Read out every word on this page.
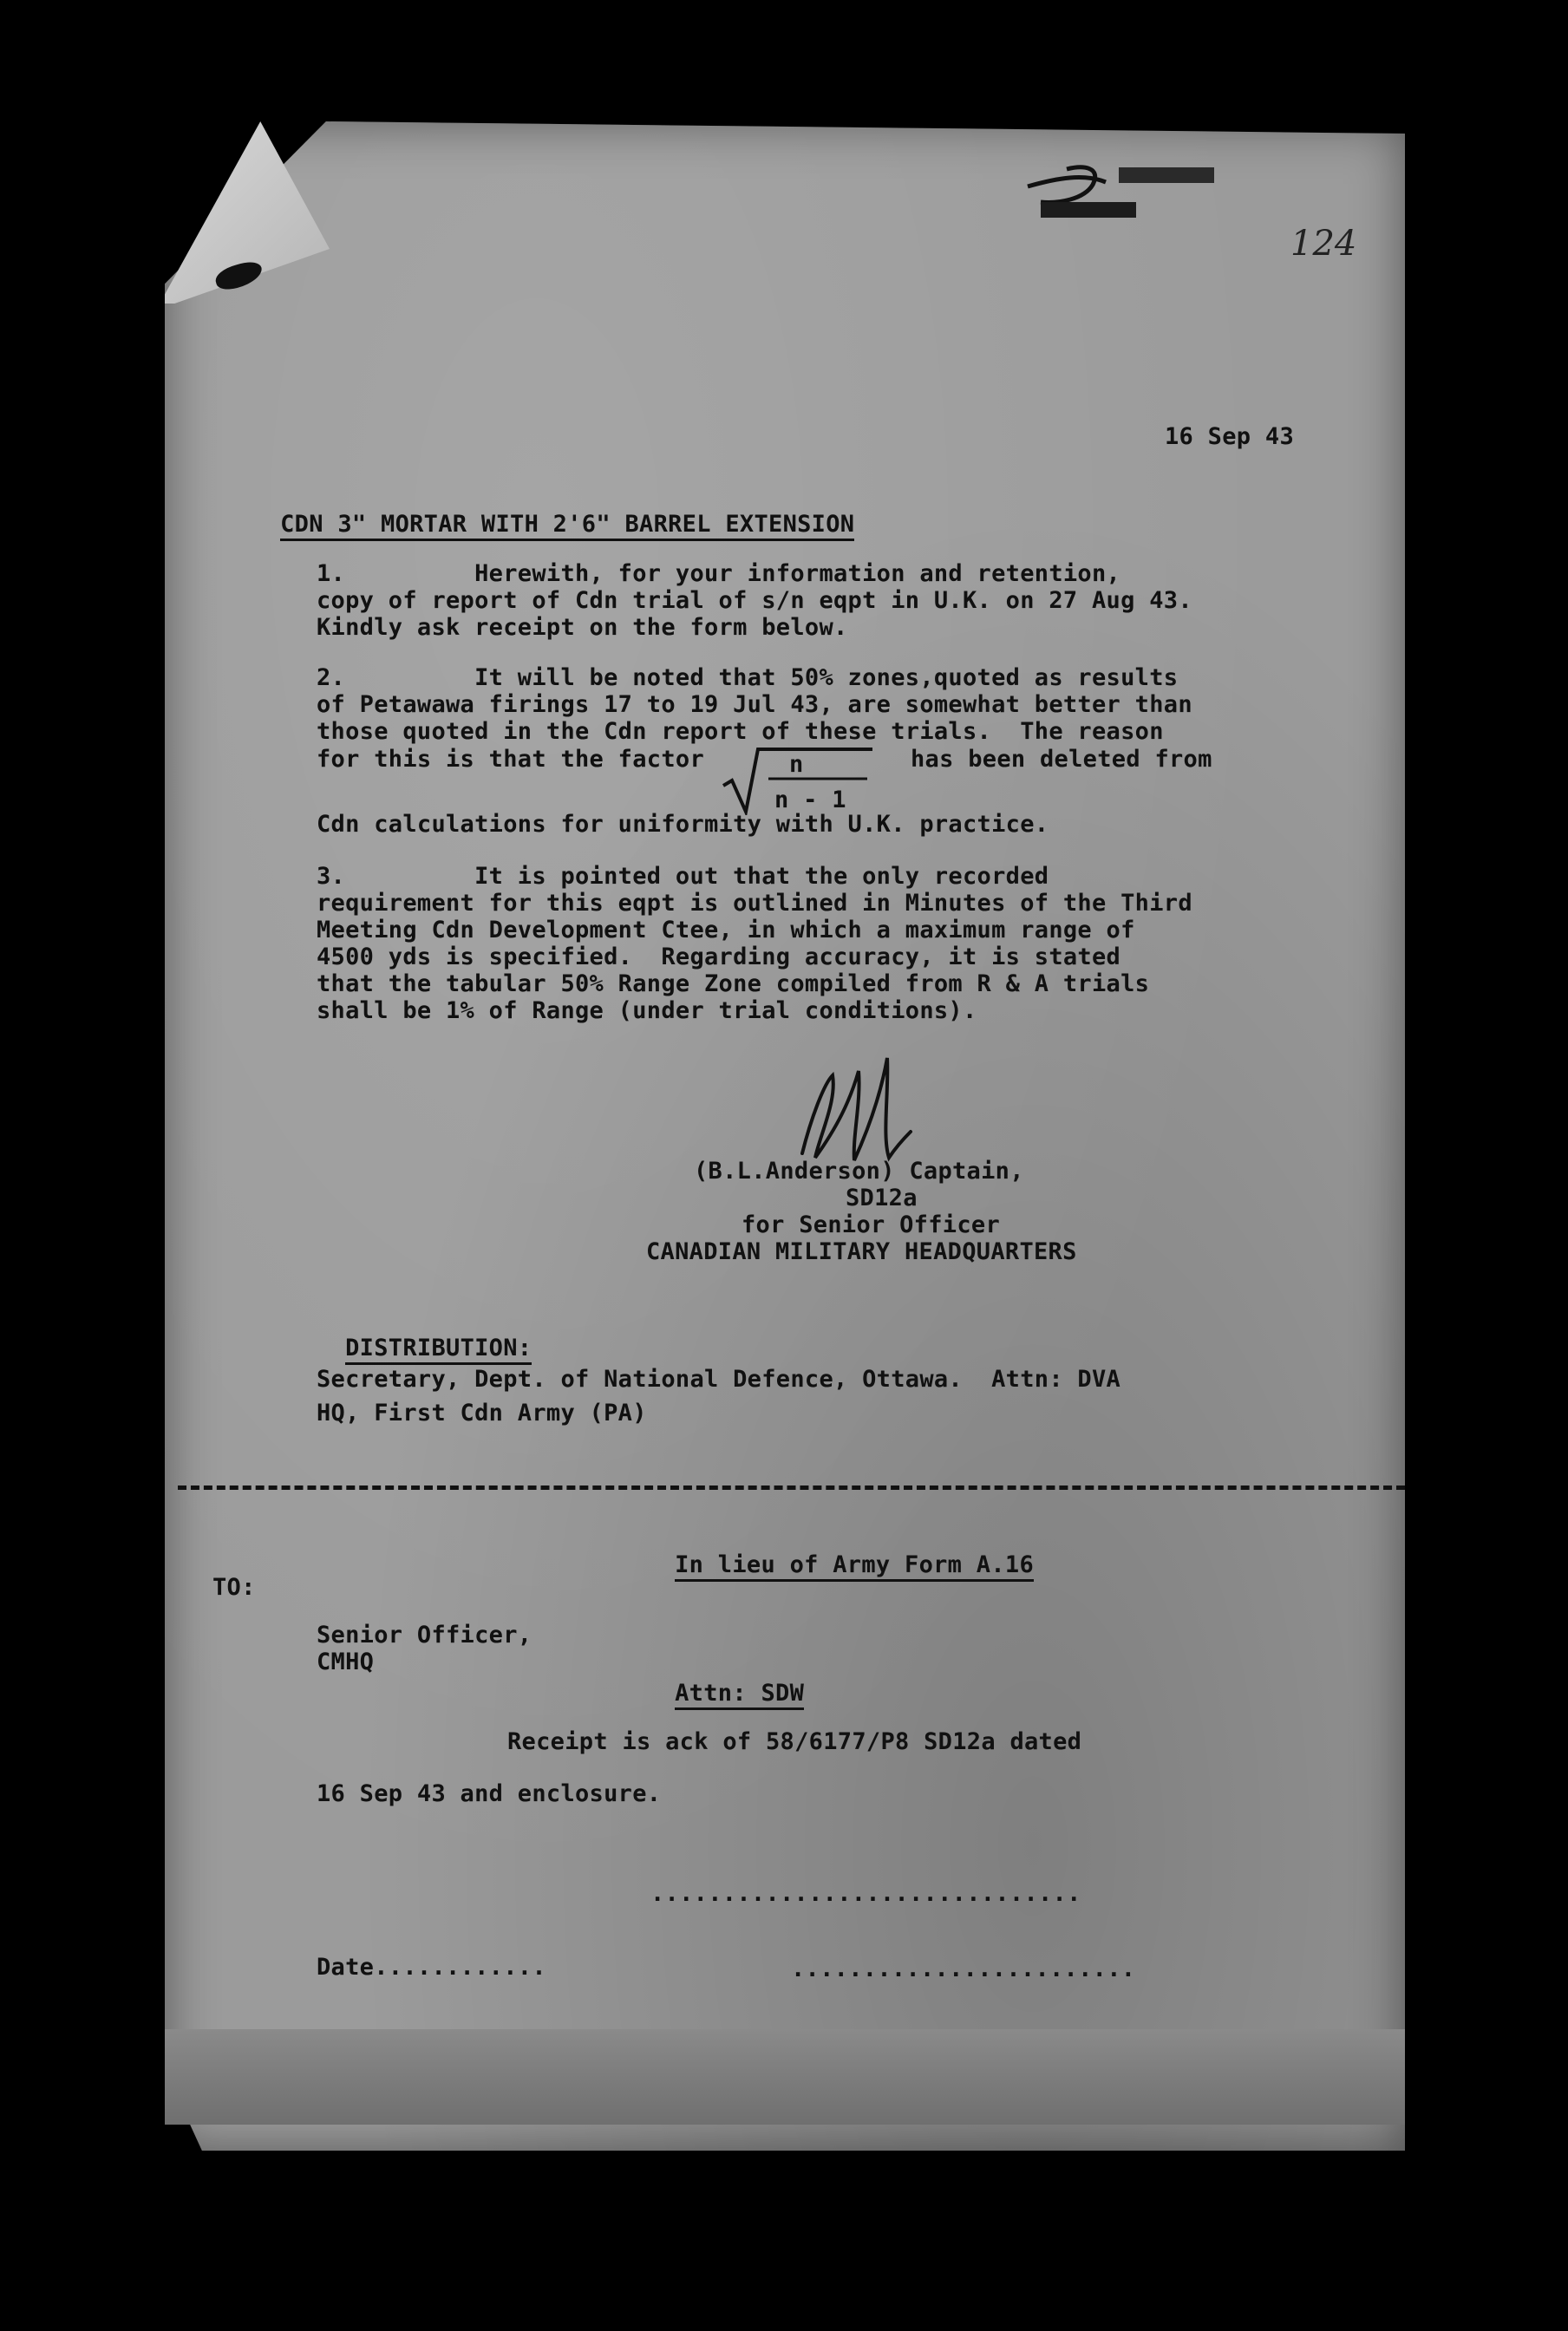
124
16 Sep 43

CDN 3" MORTAR WITH 2'6" BARREL EXTENSION

1.         Herewith, for your information and retention,
copy of report of Cdn trial of s/n eqpt in U.K. on 27 Aug 43.
Kindly ask receipt on the form below.
2.         It will be noted that 50% zones,quoted as results
of Petawawa firings 17 to 19 Jul 43, are somewhat better than
those quoted in the Cdn report of these trials.  The reason
for this is that the factor	n
n - 1
has been deleted from
Cdn calculations for uniformity with U.K. practice.
3.         It is pointed out that the only recorded
requirement for this eqpt is outlined in Minutes of the Third
Meeting Cdn Development Ctee, in which a maximum range of
4500 yds is specified.  Regarding accuracy, it is stated
that the tabular 50% Range Zone compiled from R & A trials
shall be 1% of Range (under trial conditions).
(B.L.Anderson) Captain,
SD12a
for Senior Officer
CANADIAN MILITARY HEADQUARTERS

DISTRIBUTION:

Secretary, Dept. of National Defence, Ottawa.  Attn: DVA
HQ, First Cdn Army (PA)

In lieu of Army Form A.16

TO:
Senior Officer,
CMHQ

Attn: SDW

Receipt is ack of 58/6177/P8 SD12a dated
16 Sep 43 and enclosure.
..............................
Date............	........................
